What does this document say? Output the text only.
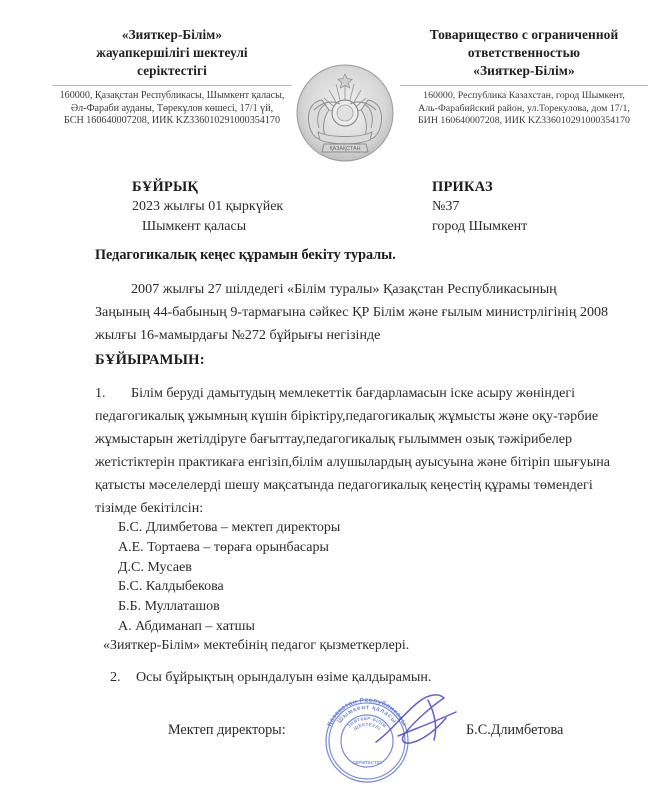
«Зияткер-Білім»
жауапкершілігі шектеулі
серіктестігі
160000, Қазақстан Республикасы, Шымкент қаласы,
Әл-Фараби ауданы, Төрекұлов көшесі, 17/1 үй,
БСН 160640007208, ИИК KZ336010291000354170
Товарищество с ограниченной
ответственностью
«Зияткер-Білім»
160000, Республика Казахстан, город Шымкент,
Аль-Фарабийский район, ул.Торекулова, дом 17/1,
БИН 160640007208, ИИК KZ336010291000354170
ҚАЗАҚСТАН
БҰЙРЫҚ
2023 жылғы 01 қыркүйек
Шымкент қаласы
ПРИКАЗ
№37
город Шымкент
Педагогикалық кеңес құрамын бекіту туралы.
2007 жылғы 27 шілдедегі «Білім туралы» Қазақстан Республикасының Заңының 44-бабының 9-тармағына сәйкес ҚР Білім және ғылым министрлігінің 2008 жылғы 16-мамырдағы №272 бұйрығы негізінде
БҰЙЫРАМЫН:
1.	Білім беруді дамытудың мемлекеттік бағдарламасын іске асыру жөніндегі педагогикалық ұжымның күшін біріктіру,педагогикалық жұмысты және оқу-тәрбие жұмыстарын жетілдіруге бағыттау,педагогикалық ғылыммен озық тәжірибелер жетістіктерін практикаға енгізіп,білім алушылардың ауысуына және бітіріп шығуына қатысты мәселелерді шешу мақсатында педагогикалық кеңестің құрамы төмендегі тізімде бекітілсін:
Б.С. Длимбетова – мектеп директоры
А.Е. Тортаева – төраға орынбасары
Д.С. Мусаев
Б.С. Калдыбекова
Б.Б. Муллаташов
А. Абдиманап – хатшы
«Зияткер-Білім» мектебінің педагог қызметкерлері.
2. Осы бұйрықтың орындалуын өзіме қалдырамын.
Қазақстан Республикасы
Шымкент қаласы
ЗИЯТКЕР-БІЛІМ
ШЕКТЕУЛІ
СЕРІКТЕСТІГІ
Мектеп директоры:	Б.С.Длимбетова
